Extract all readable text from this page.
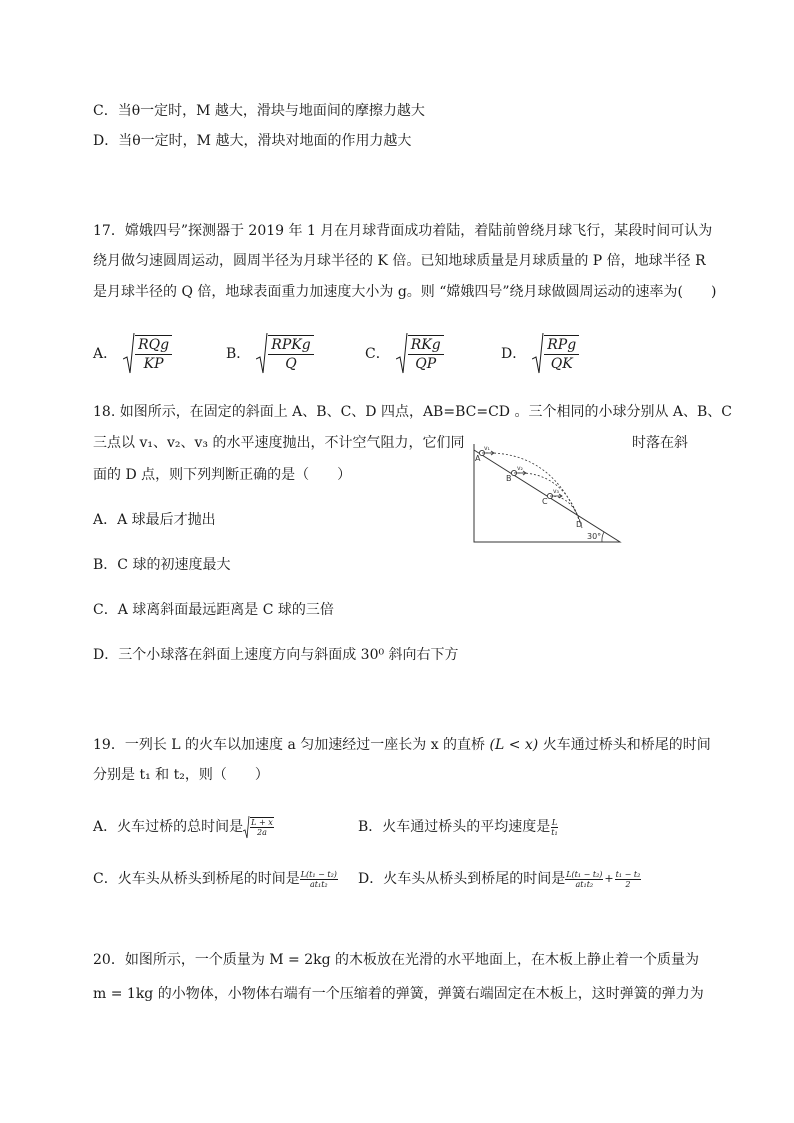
C．当θ一定时，M 越大，滑块与地面间的摩擦力越大
D．当θ一定时，M 越大，滑块对地面的作用力越大
17．嫦娥四号”探测器于 2019 年 1 月在月球背面成功着陆，着陆前曾绕月球飞行，某段时间可认为
绕月做匀速圆周运动，圆周半径为月球半径的 K 倍。已知地球质量是月球质量的 P 倍，地球半径 R
是月球半径的 Q 倍，地球表面重力加速度大小为 g。则 “嫦娥四号”绕月球做圆周运动的速率为(　　)
A． $\frac{\text{RQg}}{KP}$	B． $\frac{\text{RPKg}}{Q}$	C． $\frac{\text{RKg}}{QP}$	D． $\frac{\text{RPg}}{QK}$
18. 如图所示，在固定的斜面上 A、B、C、D 四点，AB=BC=CD 。三个相同的小球分别从 A、B、C
三点以 v₁、v₂、v₃ 的水平速度抛出，不计空气阻力，它们同	时落在斜
面的 D 点，则下列判断正确的是（　　）
30°
A
B
C
D
v₁
v₂
v₃
A．A 球最后才抛出
B．C 球的初速度最大
C．A 球离斜面最远距离是 C 球的三倍
D．三个小球落在斜面上速度方向与斜面成 30⁰ 斜向右下方
19．一列长 L 的火车以加速度 a 匀加速经过一座长为 x 的直桥 (L < x) 火车通过桥头和桥尾的时间
分别是 t₁ 和 t₂，则（　　）
A．火车过桥的总时间是 $\frac{L + x}{2a}$	B．火车通过桥头的平均速度是 $\frac{L}{\text{t₁}}$
C．火车头从桥头到桥尾的时间是 $\frac{\text{L(t₁ − t₂)}}{\text{at₁t₂}}$ D．火车头从桥头到桥尾的时间是 $\frac{\text{L(t₁ − t₂)}}{\text{at₁t₂}} + \frac{\text{t₁ − t₂}}{2}$
20．如图所示，一个质量为 M = 2kg 的木板放在光滑的水平地面上，在木板上静止着一个质量为
m = 1kg 的小物体，小物体右端有一个压缩着的弹簧，弹簧右端固定在木板上，这时弹簧的弹力为
